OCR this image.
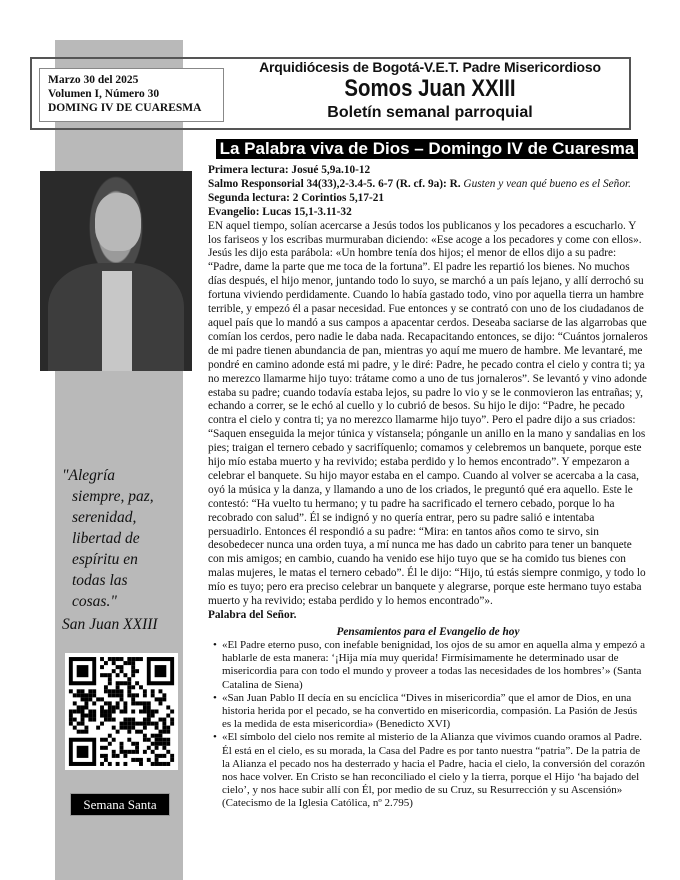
Marzo 30 del 2025
Volumen I, Número 30
DOMING IV DE CUARESMA
Arquidiócesis de Bogotá-V.E.T. Padre Misericordioso
Somos Juan XXIII
Boletín semanal parroquial
La Palabra viva de Dios – Domingo IV de Cuaresma
"Alegría
siempre, paz,
serenidad,
libertad de
espíritu en
todas las
cosas."
San Juan XXIII
Semana Santa

Primera lectura: Josué 5,9a.10-12

Salmo Responsorial 34(33),2-3.4-5. 6-7 (R. cf. 9a): R. Gusten y vean qué bueno es el Señor.

Segunda lectura: 2 Corintios 5,17-21

Evangelio: Lucas 15,1-3.11-32

EN aquel tiempo, solían acercarse a Jesús todos los publicanos y los pecadores a escucharlo. Y los fariseos y los escribas murmuraban diciendo: «Ese acoge a los pecadores y come con ellos». Jesús les dijo esta parábola: «Un hombre tenía dos hijos; el menor de ellos dijo a su padre: “Padre, dame la parte que me toca de la fortuna”. El padre les repartió los bienes. No muchos días después, el hijo menor, juntando todo lo suyo, se marchó a un país lejano, y allí derrochó su fortuna viviendo perdidamente. Cuando lo había gastado todo, vino por aquella tierra un hambre terrible, y empezó él a pasar necesidad. Fue entonces y se contrató con uno de los ciudadanos de aquel país que lo mandó a sus campos a apacentar cerdos. Deseaba saciarse de las algarrobas que comían los cerdos, pero nadie le daba nada. Recapacitando entonces, se dijo: “Cuántos jornaleros de mi padre tienen abundancia de pan, mientras yo aquí me muero de hambre. Me levantaré, me pondré en camino adonde está mi padre, y le diré: Padre, he pecado contra el cielo y contra ti; ya no merezco llamarme hijo tuyo: trátame como a uno de tus jornaleros”. Se levantó y vino adonde estaba su padre; cuando todavía estaba lejos, su padre lo vio y se le conmovieron las entrañas; y, echando a correr, se le echó al cuello y lo cubrió de besos. Su hijo le dijo: “Padre, he pecado contra el cielo y contra ti; ya no merezco llamarme hijo tuyo”. Pero el padre dijo a sus criados: “Saquen enseguida la mejor túnica y vístansela; pónganle un anillo en la mano y sandalias en los pies; traigan el ternero cebado y sacrifíquenlo; comamos y celebremos un banquete, porque este hijo mío estaba muerto y ha revivido; estaba perdido y lo hemos encontrado”. Y empezaron a celebrar el banquete. Su hijo mayor estaba en el campo. Cuando al volver se acercaba a la casa, oyó la música y la danza, y llamando a uno de los criados, le preguntó qué era aquello. Este le contestó: “Ha vuelto tu hermano; y tu padre ha sacrificado el ternero cebado, porque lo ha recobrado con salud”. Él se indignó y no quería entrar, pero su padre salió e intentaba persuadirlo. Entonces él respondió a su padre: “Mira: en tantos años como te sirvo, sin desobedecer nunca una orden tuya, a mí nunca me has dado un cabrito para tener un banquete con mis amigos; en cambio, cuando ha venido ese hijo tuyo que se ha comido tus bienes con malas mujeres, le matas el ternero cebado”. Él le dijo: “Hijo, tú estás siempre conmigo, y todo lo mío es tuyo; pero era preciso celebrar un banquete y alegrarse, porque este hermano tuyo estaba muerto y ha revivido; estaba perdido y lo hemos encontrado”».

Palabra del Señor.

Pensamientos para el Evangelio de hoy
• «El Padre eterno puso, con inefable benignidad, los ojos de su amor en aquella alma y empezó a hablarle de esta manera: ‘¡Hija mía muy querida! Firmísimamente he determinado usar de misericordia para con todo el mundo y proveer a todas las necesidades de los hombres’» (Santa Catalina de Siena)
• «San Juan Pablo II decía en su encíclica “Dives in misericordia” que el amor de Dios, en una historia herida por el pecado, se ha convertido en misericordia, compasión. La Pasión de Jesús es la medida de esta misericordia» (Benedicto XVI)
• «El símbolo del cielo nos remite al misterio de la Alianza que vivimos cuando oramos al Padre. Él está en el cielo, es su morada, la Casa del Padre es por tanto nuestra “patria”. De la patria de la Alianza el pecado nos ha desterrado y hacia el Padre, hacia el cielo, la conversión del corazón nos hace volver. En Cristo se han reconciliado el cielo y la tierra, porque el Hijo ‘ha bajado del cielo’, y nos hace subir allí con Él, por medio de su Cruz, su Resurrección y su Ascensión» (Catecismo de la Iglesia Católica, nº 2.795)
